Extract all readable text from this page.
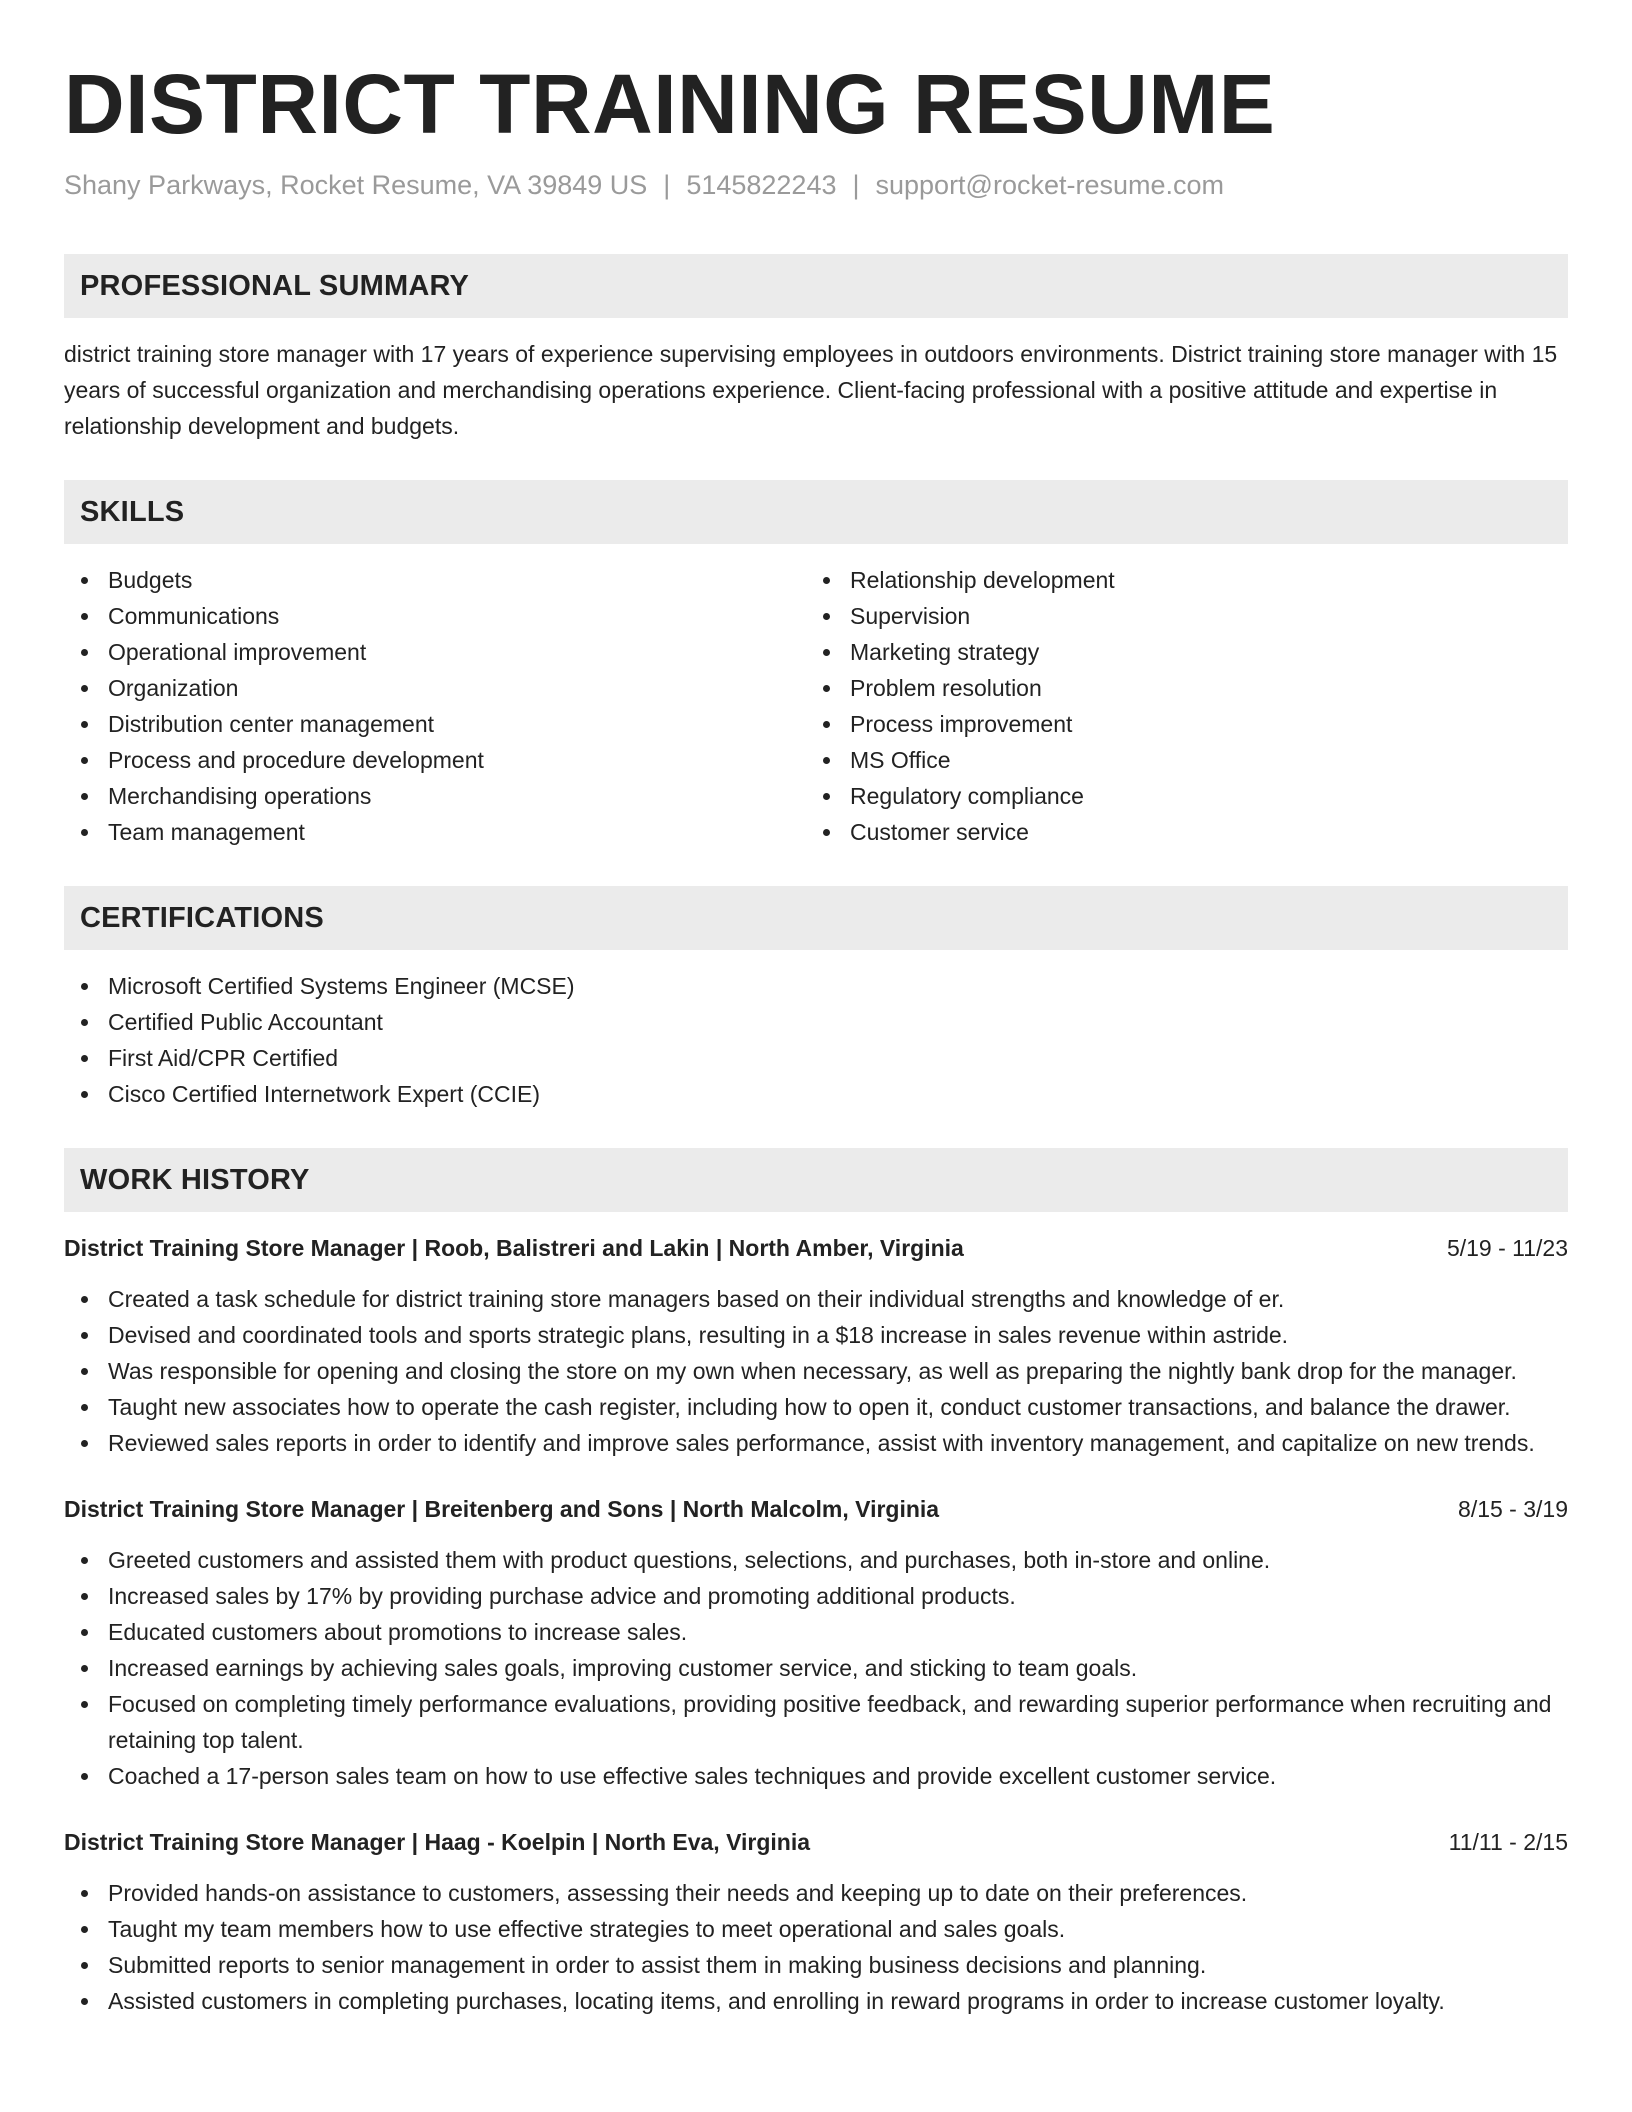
DISTRICT TRAINING RESUME
Shany Parkways, Rocket Resume, VA 39849 US | 5145822243 | support@rocket-resume.com
PROFESSIONAL SUMMARY

district training store manager with 17 years of experience supervising employees in outdoors environments. District training store manager with 15 years of successful organization and merchandising operations experience. Client-facing professional with a positive attitude and expertise in relationship development and budgets.

SKILLS
Budgets
Communications
Operational improvement
Organization
Distribution center management
Process and procedure development
Merchandising operations
Team management
Relationship development
Supervision
Marketing strategy
Problem resolution
Process improvement
MS Office
Regulatory compliance
Customer service
CERTIFICATIONS
Microsoft Certified Systems Engineer (MCSE)
Certified Public Accountant
First Aid/CPR Certified
Cisco Certified Internetwork Expert (CCIE)
WORK HISTORY
District Training Store Manager | Roob, Balistreri and Lakin | North Amber, Virginia	5/19 - 11/23
Created a task schedule for district training store managers based on their individual strengths and knowledge of er.
Devised and coordinated tools and sports strategic plans, resulting in a $18 increase in sales revenue within astride.
Was responsible for opening and closing the store on my own when necessary, as well as preparing the nightly bank drop for the manager.
Taught new associates how to operate the cash register, including how to open it, conduct customer transactions, and balance the drawer.
Reviewed sales reports in order to identify and improve sales performance, assist with inventory management, and capitalize on new trends.
District Training Store Manager | Breitenberg and Sons | North Malcolm, Virginia	8/15 - 3/19
Greeted customers and assisted them with product questions, selections, and purchases, both in-store and online.
Increased sales by 17% by providing purchase advice and promoting additional products.
Educated customers about promotions to increase sales.
Increased earnings by achieving sales goals, improving customer service, and sticking to team goals.
Focused on completing timely performance evaluations, providing positive feedback, and rewarding superior performance when recruiting and retaining top talent.
Coached a 17-person sales team on how to use effective sales techniques and provide excellent customer service.
District Training Store Manager | Haag - Koelpin | North Eva, Virginia	11/11 - 2/15
Provided hands-on assistance to customers, assessing their needs and keeping up to date on their preferences.
Taught my team members how to use effective strategies to meet operational and sales goals.
Submitted reports to senior management in order to assist them in making business decisions and planning.
Assisted customers in completing purchases, locating items, and enrolling in reward programs in order to increase customer loyalty.
